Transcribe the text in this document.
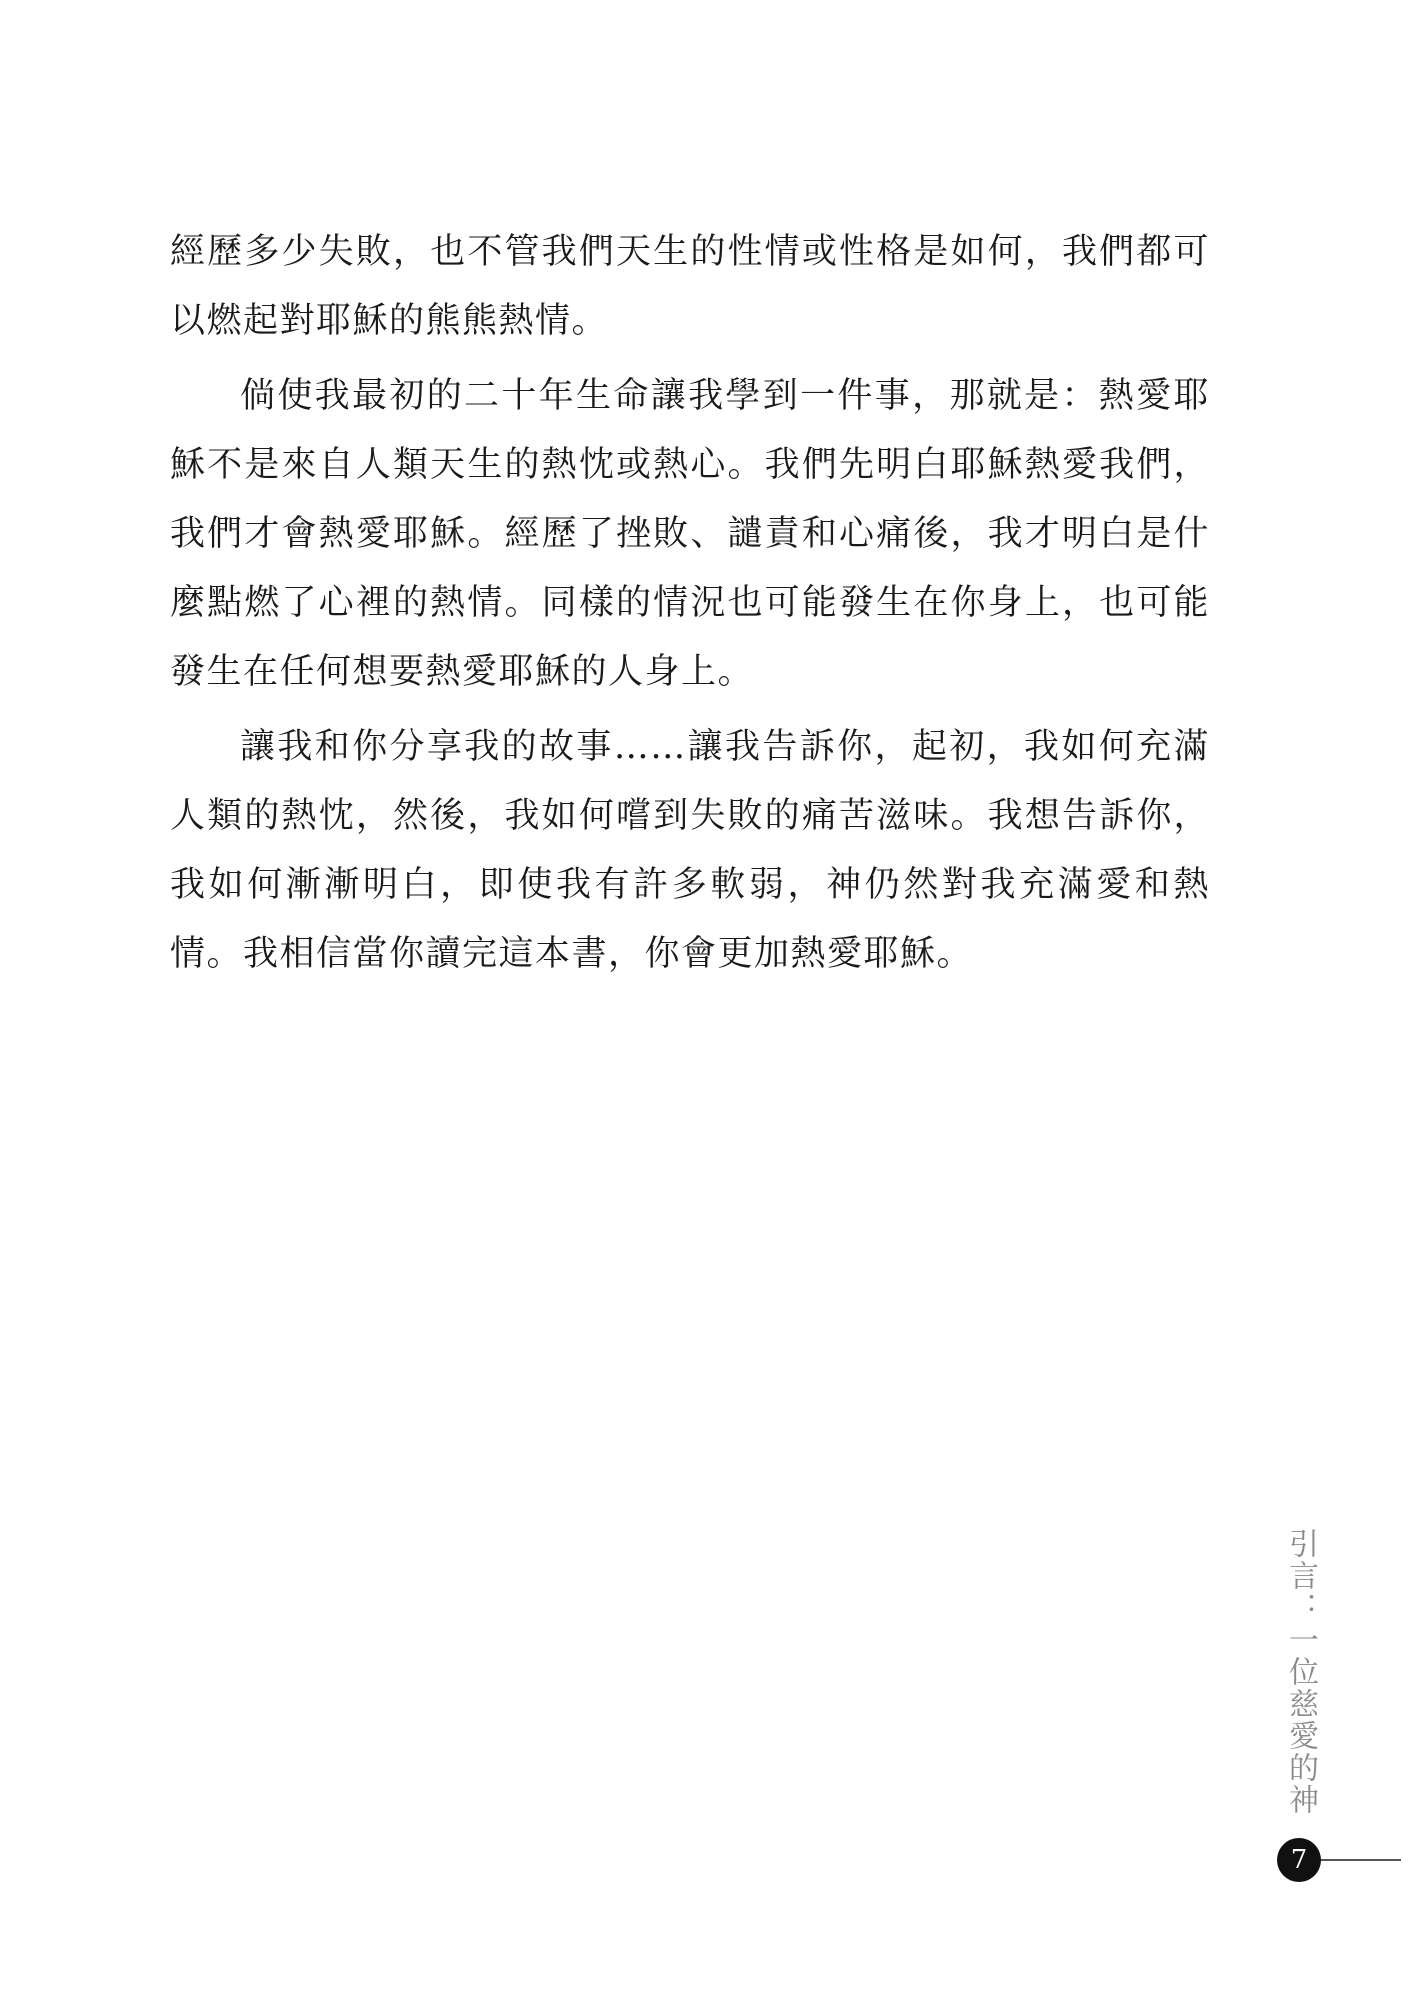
經歷多少失敗，也不管我們天生的性情或性格是如何，我們都可以燃起對耶穌的熊熊熱情。

倘使我最初的二十年生命讓我學到一件事，那就是：熱愛耶穌不是來自人類天生的熱忱或熱心。我們先明白耶穌熱愛我們，我們才會熱愛耶穌。經歷了挫敗、譴責和心痛後，我才明白是什麼點燃了心裡的熱情。同樣的情況也可能發生在你身上，也可能發生在任何想要熱愛耶穌的人身上。

讓我和你分享我的故事……讓我告訴你，起初，我如何充滿人類的熱忱，然後，我如何嚐到失敗的痛苦滋味。我想告訴你，我如何漸漸明白，即使我有許多軟弱，神仍然對我充滿愛和熱情。我相信當你讀完這本書，你會更加熱愛耶穌。

引言：一位慈愛的神
7
